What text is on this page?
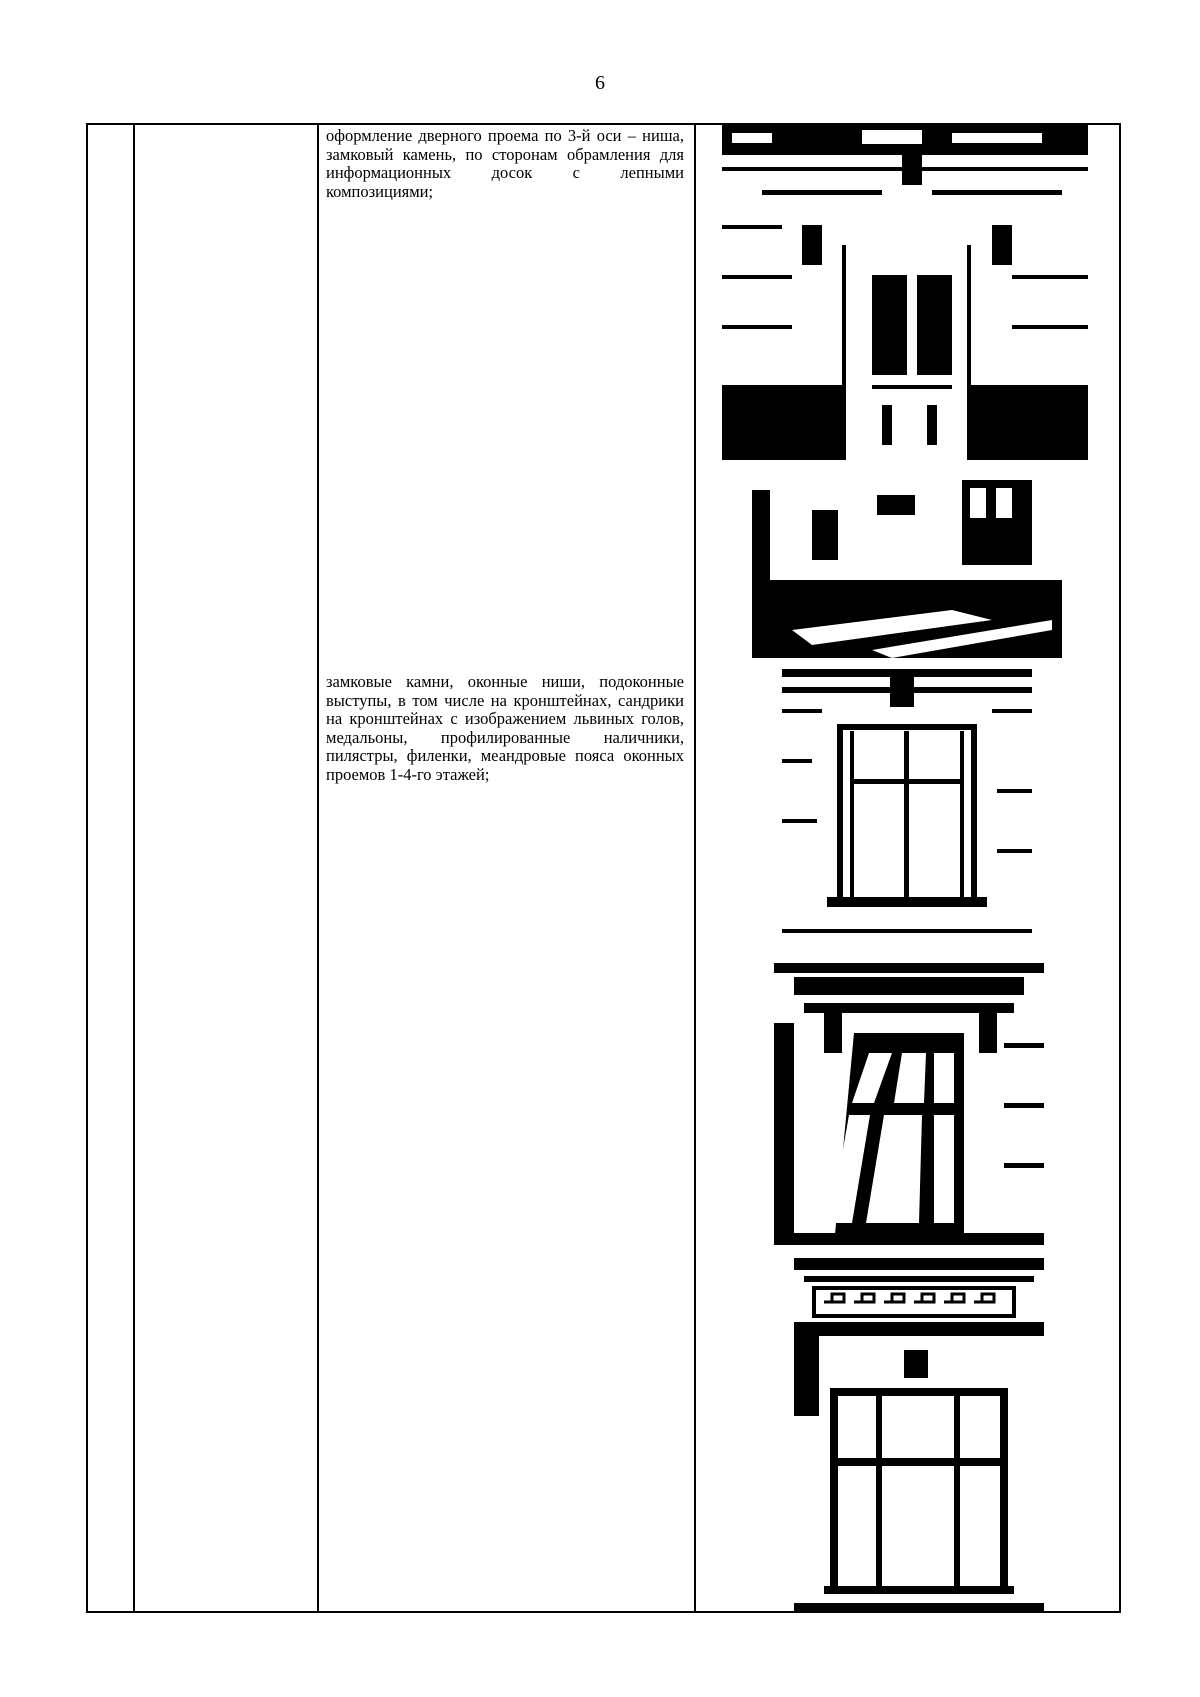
6
оформление дверного проема по 3-й оси – ниша, замковый камень, по сторонам обрамления для информационных досок с лепными композициями;
замковые камни, оконные ниши, подоконные выступы, в том числе на кронштейнах, сандрики на кронштейнах с изображением львиных голов, медальоны, профилированные наличники, пилястры, филенки, меандровые пояса оконных проемов 1-4-го этажей;
